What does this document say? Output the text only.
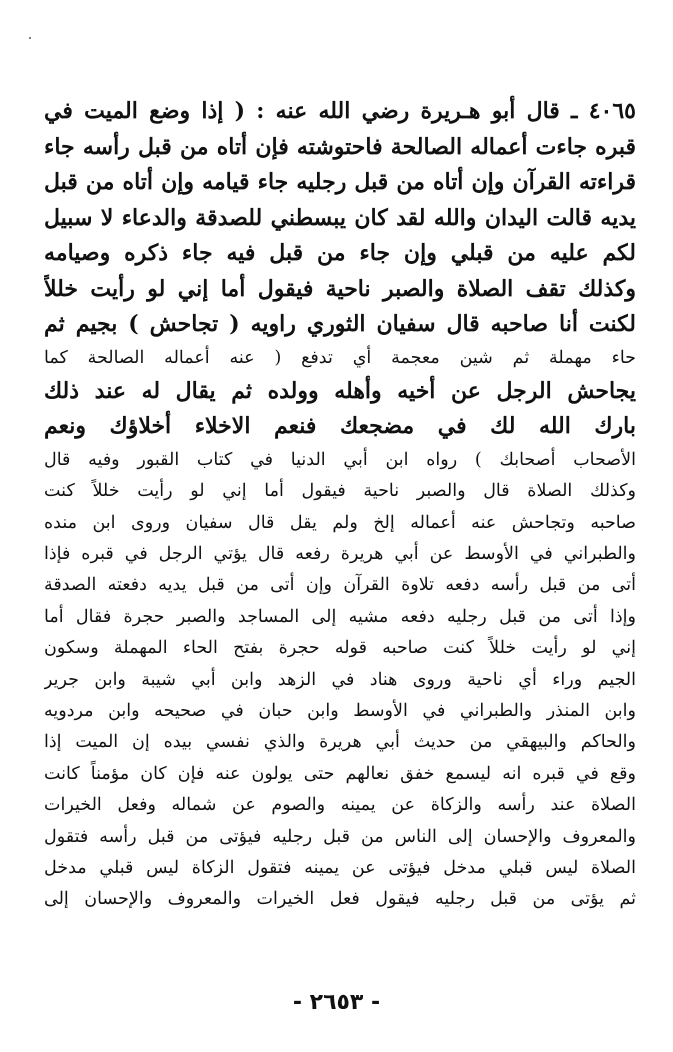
٤٠٦٥ ـ قال أبو هـريرة رضي الله عنه : ( إذا وضع الميت في
قبره جاءت أعماله الصالحة فاحتوشته فإن أتاه من قبل رأسه جاء
قراءته القرآن وإن أتاه من قبل رجليه جاء قيامه وإن أتاه من قبل
يديه قالت اليدان والله لقد كان يبسطني للصدقة والدعاء لا سبيل
لكم عليه من قبلي وإن جاء من قبل فيه جاء ذكره وصيامه
وكذلك تقف الصلاة والصبر ناحية فيقول أما إني لو رأيت خللاً
لكنت أنا صاحبه قال سفيان الثوري راويه ( تجاحش ) بجيم ثم
حاء مهملة ثم شين معجمة أي تدفع ( عنه أعماله الصالحة كما
يجاحش الرجل عن أخيه وأهله وولده ثم يقال له عند ذلك
بارك الله لك في مضجعك فنعم الاخلاء أخلاؤك ونعم
الأصحاب أصحابك ) رواه ابن أبي الدنيا في كتاب القبور وفيه قال
وكذلك الصلاة قال والصبر ناحية فيقول أما إني لو رأيت خللاً كنت
صاحبه وتجاحش عنه أعماله إلخ ولم يقل قال سفيان وروى ابن منده
والطبراني في الأوسط عن أبي هريرة رفعه قال يؤتي الرجل في قبره فإذا
أتى من قبل رأسه دفعه تلاوة القرآن وإن أتى من قبل يديه دفعته الصدقة
وإذا أتى من قبل رجليه دفعه مشيه إلى المساجد والصبر حجرة فقال أما
إني لو رأيت خللاً كنت صاحبه قوله حجرة بفتح الحاء المهملة وسكون
الجيم وراء أي ناحية وروى هناد في الزهد وابن أبي شيبة وابن جرير
وابن المنذر والطبراني في الأوسط وابن حبان في صحيحه وابن مردويه
والحاكم والبيهقي من حديث أبي هريرة والذي نفسي بيده إن الميت إذا
وقع في قبره انه ليسمع خفق نعالهم حتى يولون عنه فإن كان مؤمناً كانت
الصلاة عند رأسه والزكاة عن يمينه والصوم عن شماله وفعل الخيرات
والمعروف والإحسان إلى الناس من قبل رجليه فيؤتى من قبل رأسه فتقول
الصلاة ليس قبلي مدخل فيؤتى عن يمينه فتقول الزكاة ليس قبلي مدخل
ثم يؤتى من قبل رجليه فيقول فعل الخيرات والمعروف والإحسان إلى
- ٢٦٥٣ -
